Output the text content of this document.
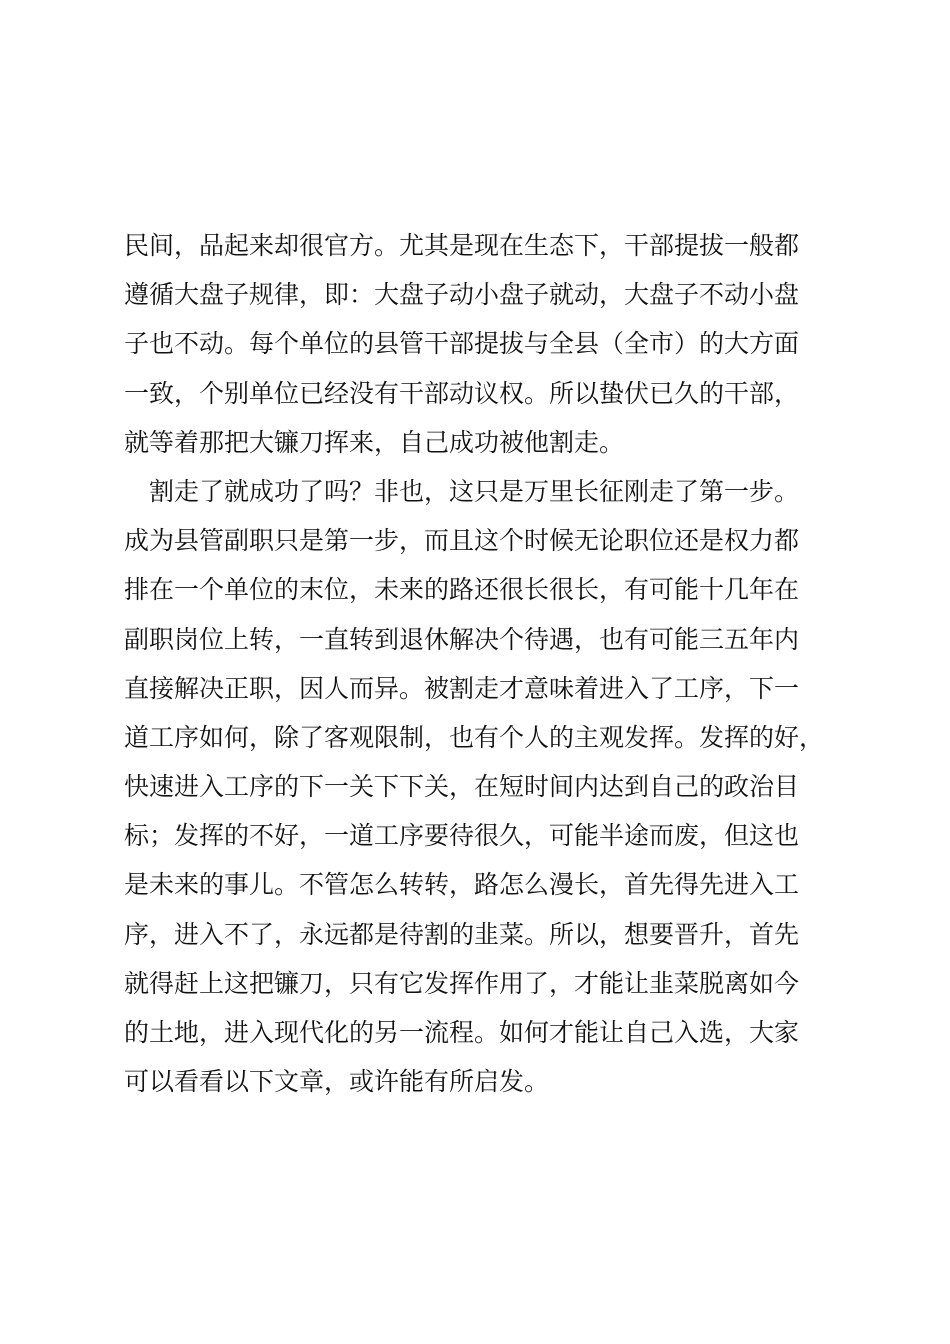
民间，品起来却很官方。尤其是现在生态下，干部提拔一般都
遵循大盘子规律，即：大盘子动小盘子就动，大盘子不动小盘
子也不动。每个单位的县管干部提拔与全县（全市）的大方面
一致，个别单位已经没有干部动议权。所以蛰伏已久的干部，
就等着那把大镰刀挥来，自己成功被他割走。
　割走了就成功了吗？非也，这只是万里长征刚走了第一步。
成为县管副职只是第一步，而且这个时候无论职位还是权力都
排在一个单位的末位，未来的路还很长很长，有可能十几年在
副职岗位上转，一直转到退休解决个待遇，也有可能三五年内
直接解决正职，因人而异。被割走才意味着进入了工序，下一
道工序如何，除了客观限制，也有个人的主观发挥。发挥的好，
快速进入工序的下一关下下关，在短时间内达到自己的政治目
标；发挥的不好，一道工序要待很久，可能半途而废，但这也
是未来的事儿。不管怎么转转，路怎么漫长，首先得先进入工
序，进入不了，永远都是待割的韭菜。所以，想要晋升，首先
就得赶上这把镰刀，只有它发挥作用了，才能让韭菜脱离如今
的土地，进入现代化的另一流程。如何才能让自己入选，大家
可以看看以下文章，或许能有所启发。
